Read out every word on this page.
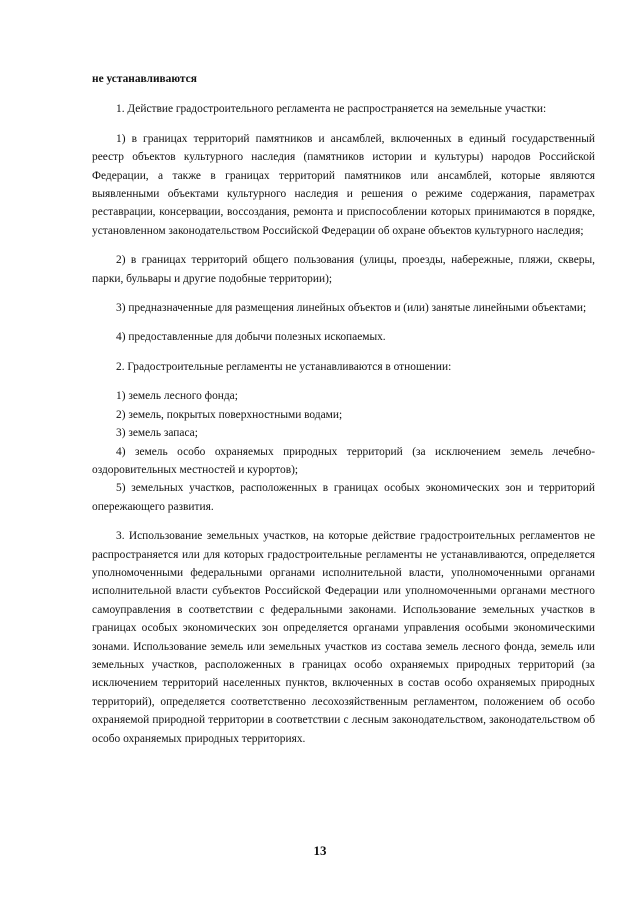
не устанавливаются

1. Действие градостроительного регламента не распространяется на земельные участки:

1) в границах территорий памятников и ансамблей, включенных в единый государственный реестр объектов культурного наследия (памятников истории и культуры) народов Российской Федерации, а также в границах территорий памятников или ансамблей, которые являются выявленными объектами культурного наследия и решения о режиме содержания, параметрах реставрации, консервации, воссоздания, ремонта и приспособлении которых принимаются в порядке, установленном законодательством Российской Федерации об охране объектов культурного наследия;

2) в границах территорий общего пользования (улицы, проезды, набережные, пляжи, скверы, парки, бульвары и другие подобные территории);

3) предназначенные для размещения линейных объектов и (или) занятые линейными объектами;

4) предоставленные для добычи полезных ископаемых.

2. Градостроительные регламенты не устанавливаются в отношении:

1) земель лесного фонда;

2) земель, покрытых поверхностными водами;

3) земель запаса;

4) земель особо охраняемых природных территорий (за исключением земель лечебно-оздоровительных местностей и курортов);

5) земельных участков, расположенных в границах особых экономических зон и территорий опережающего развития.

3. Использование земельных участков, на которые действие градостроительных регламентов не распространяется или для которых градостроительные регламенты не устанавливаются, определяется уполномоченными федеральными органами исполнительной власти, уполномоченными органами исполнительной власти субъектов Российской Федерации или уполномоченными органами местного самоуправления в соответствии с федеральными законами. Использование земельных участков в границах особых экономических зон определяется органами управления особыми экономическими зонами. Использование земель или земельных участков из состава земель лесного фонда, земель или земельных участков, расположенных в границах особо охраняемых природных территорий (за исключением территорий населенных пунктов, включенных в состав особо охраняемых природных территорий), определяется соответственно лесохозяйственным регламентом, положением об особо охраняемой природной территории в соответствии с лесным законодательством, законодательством об особо охраняемых природных территориях.

13
